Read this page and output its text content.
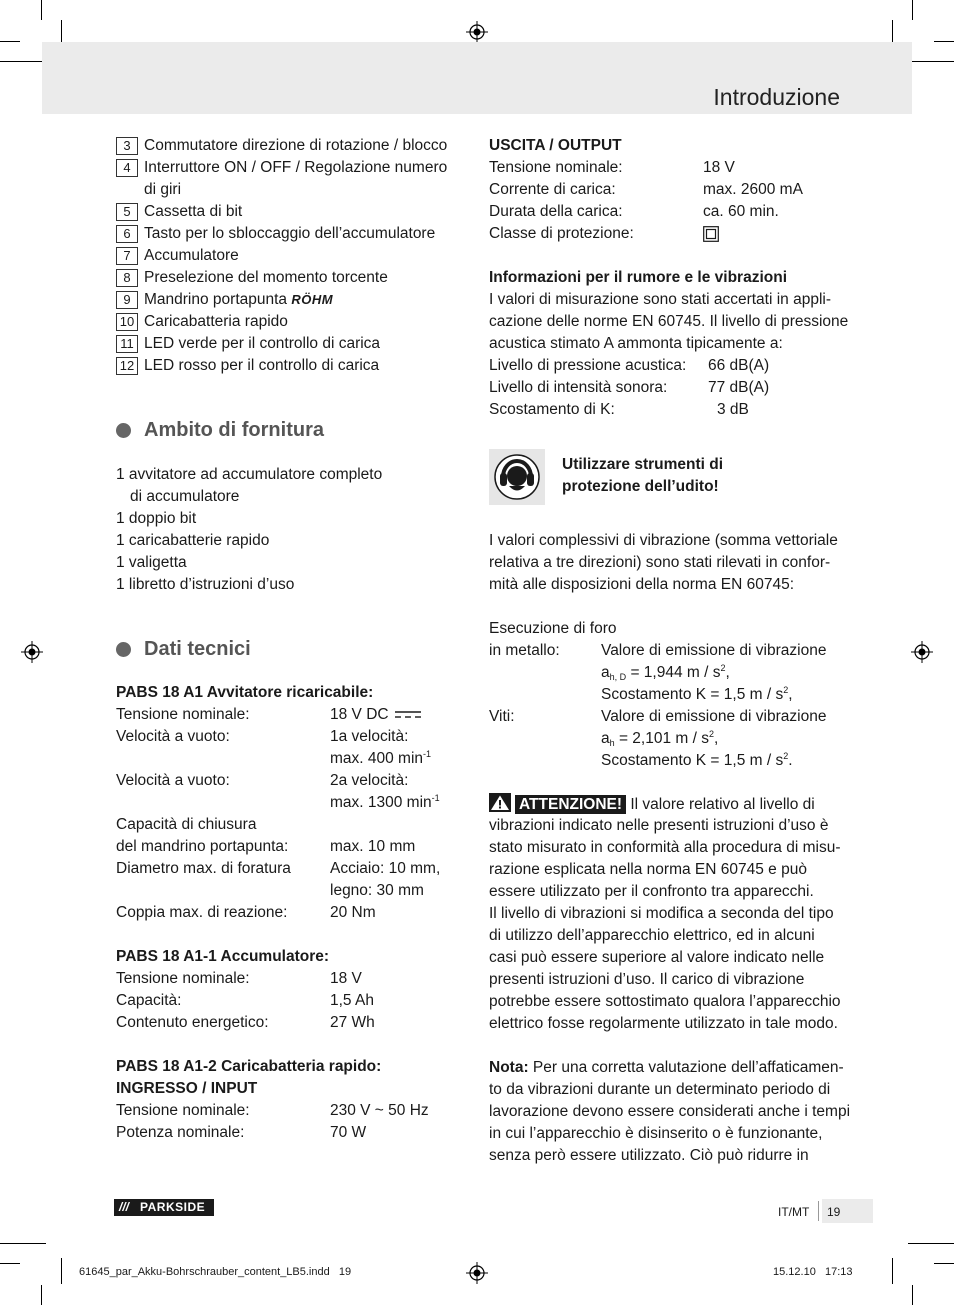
Introduzione
3 Commutatore direzione di rotazione / blocco
4 Interruttore ON / OFF / Regolazione numero
di giri
5 Cassetta di bit
6 Tasto per lo sbloccaggio dell’accumulatore
7 Accumulatore
8 Preselezione del momento torcente
9 Mandrino portapunta RÖHM
10 Caricabatteria rapido
11 LED verde per il controllo di carica
12 LED rosso per il controllo di carica
Ambito di fornitura
1 avvitatore ad accumulatore completo
di accumulatore
1 doppio bit
1 caricabatterie rapido
1 valigetta
1 libretto d’istruzioni d’uso
Dati tecnici
PABS 18 A1 Avvitatore ricaricabile:
Tensione nominale:	18 V DC
Velocità a vuoto:	1a velocità:
max. 400 $\min^{-1}$
Velocità a vuoto:	2a velocità:
max. 1300 $\min^{-1}$
Capacità di chiusura
del mandrino portapunta:	max. 10 mm
Diametro max. di foratura	Acciaio: 10 mm,
legno: 30 mm
Coppia max. di reazione:	20 Nm
PABS 18 A1-1 Accumulatore:
Tensione nominale:	18 V
Capacità:	1,5 Ah
Contenuto energetico:	27 Wh
PABS 18 A1-2 Caricabatteria rapido:
INGRESSO / INPUT
Tensione nominale:	230 V ~ 50 Hz
Potenza nominale:	70 W
USCITA / OUTPUT
Tensione nominale:	18 V
Corrente di carica:	max. 2600 mA
Durata della carica:	ca. 60 min.
Classe di protezione:
Informazioni per il rumore e le vibrazioni
I valori di misurazione sono stati accertati in appli-
cazione delle norme EN 60745. Il livello di pressione
acustica stimato A ammonta tipicamente a:
Livello di pressione acustica: 66 dB(A)
Livello di intensità sonora:	77 dB(A)
Scostamento di K:	3 dB
Utilizzare strumenti di
protezione dell’udito!
I valori complessivi di vibrazione (somma vettoriale
relativa a tre direzioni) sono stati rilevati in confor-
mità alle disposizioni della norma EN 60745:
Esecuzione di foro
in metallo:	Valore di emissione di vibrazione
$a_{h, D} = 1,944$ m / $s^2$,
Scostamento K = 1,5 m / $s^2$,
Viti:	Valore di emissione di vibrazione
$a_h = 2,101$ m / $s^2$,
Scostamento K = 1,5 m / $s^2$.
ATTENZIONE! Il valore relativo al livello di
vibrazioni indicato nelle presenti istruzioni d’uso è
stato misurato in conformità alla procedura di misu-
razione esplicata nella norma EN 60745 e può
essere utilizzato per il confronto tra apparecchi.
Il livello di vibrazioni si modifica a seconda del tipo
di utilizzo dell’apparecchio elettrico, ed in alcuni
casi può essere superiore al valore indicato nelle
presenti istruzioni d’uso. Il carico di vibrazione
potrebbe essere sottostimato qualora l’apparecchio
elettrico fosse regolarmente utilizzato in tale modo.
Nota: Per una corretta valutazione dell’affaticamen-
to da vibrazioni durante un determinato periodo di
lavorazione devono essere considerati anche i tempi
in cui l’apparecchio è disinserito o è funzionante,
senza però essere utilizzato. Ciò può ridurre in
/// PARKSIDE	IT/MT 19
61645_par_Akku-Bohrschrauber_content_LB5.indd   19	15.12.10   17:13
